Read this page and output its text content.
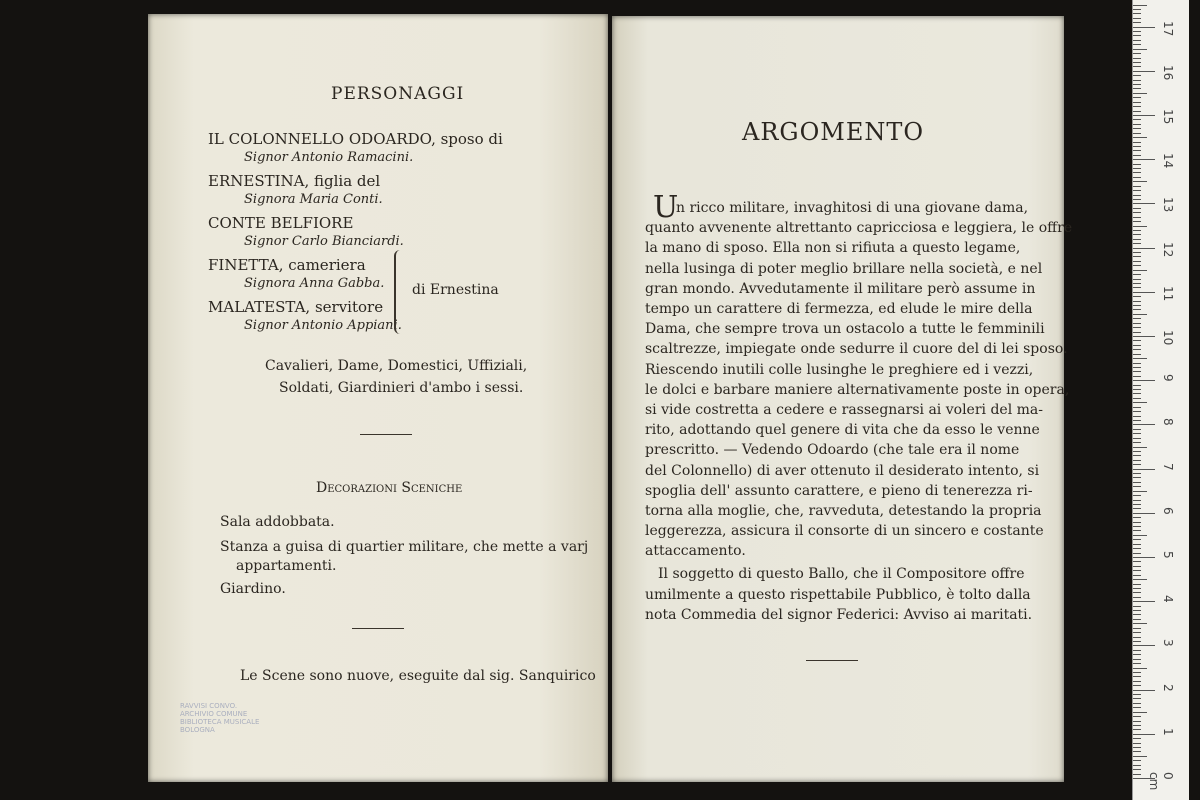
PERSONAGGI
IL COLONNELLO ODOARDO, sposo di
Signor Antonio Ramacini.
ERNESTINA, figlia del
Signora Maria Conti.
CONTE BELFIORE
Signor Carlo Bianciardi.
FINETTA, cameriera
Signora Anna Gabba.
MALATESTA, servitore
Signor Antonio Appiani.
di Ernestina
Cavalieri, Dame, Domestici, Uffiziali,
Soldati, Giardinieri d'ambo i sessi.
Decorazioni Sceniche
Sala addobbata.
Stanza a guisa di quartier militare, che mette a varj
appartamenti.
Giardino.
Le Scene sono nuove, eseguite dal sig. Sanquirico
RAVVISI CONVO.
ARCHIVIO COMUNE
BIBLIOTECA MUSICALE
BOLOGNA
ARGOMENTO
U
n ricco militare, invaghitosi di una giovane dama,
quanto avvenente altrettanto capricciosa e leggiera, le offre
la mano di sposo. Ella non si rifiuta a questo legame,
nella lusinga di poter meglio brillare nella società, e nel
gran mondo. Avvedutamente il militare però assume in
tempo un carattere di fermezza, ed elude le mire della
Dama, che sempre trova un ostacolo a tutte le femminili
scaltrezze, impiegate onde sedurre il cuore del di lei sposo.
Riescendo inutili colle lusinghe le preghiere ed i vezzi,
le dolci e barbare maniere alternativamente poste in opera,
si vide costretta a cedere e rassegnarsi ai voleri del ma-
rito, adottando quel genere di vita che da esso le venne
prescritto. — Vedendo Odoardo (che tale era il nome
del Colonnello) di aver ottenuto il desiderato intento, si
spoglia dell' assunto carattere, e pieno di tenerezza ri-
torna alla moglie, che, ravveduta, detestando la propria
leggerezza, assicura il consorte di un sincero e costante
attaccamento.
Il soggetto di questo Ballo, che il Compositore offre
umilmente a questo rispettabile Pubblico, è tolto dalla
nota Commedia del signor Federici: Avviso ai maritati.
0 cm
1
2
3
4
5
6
7
8
9
10
11
12
13
14
15
16
17
